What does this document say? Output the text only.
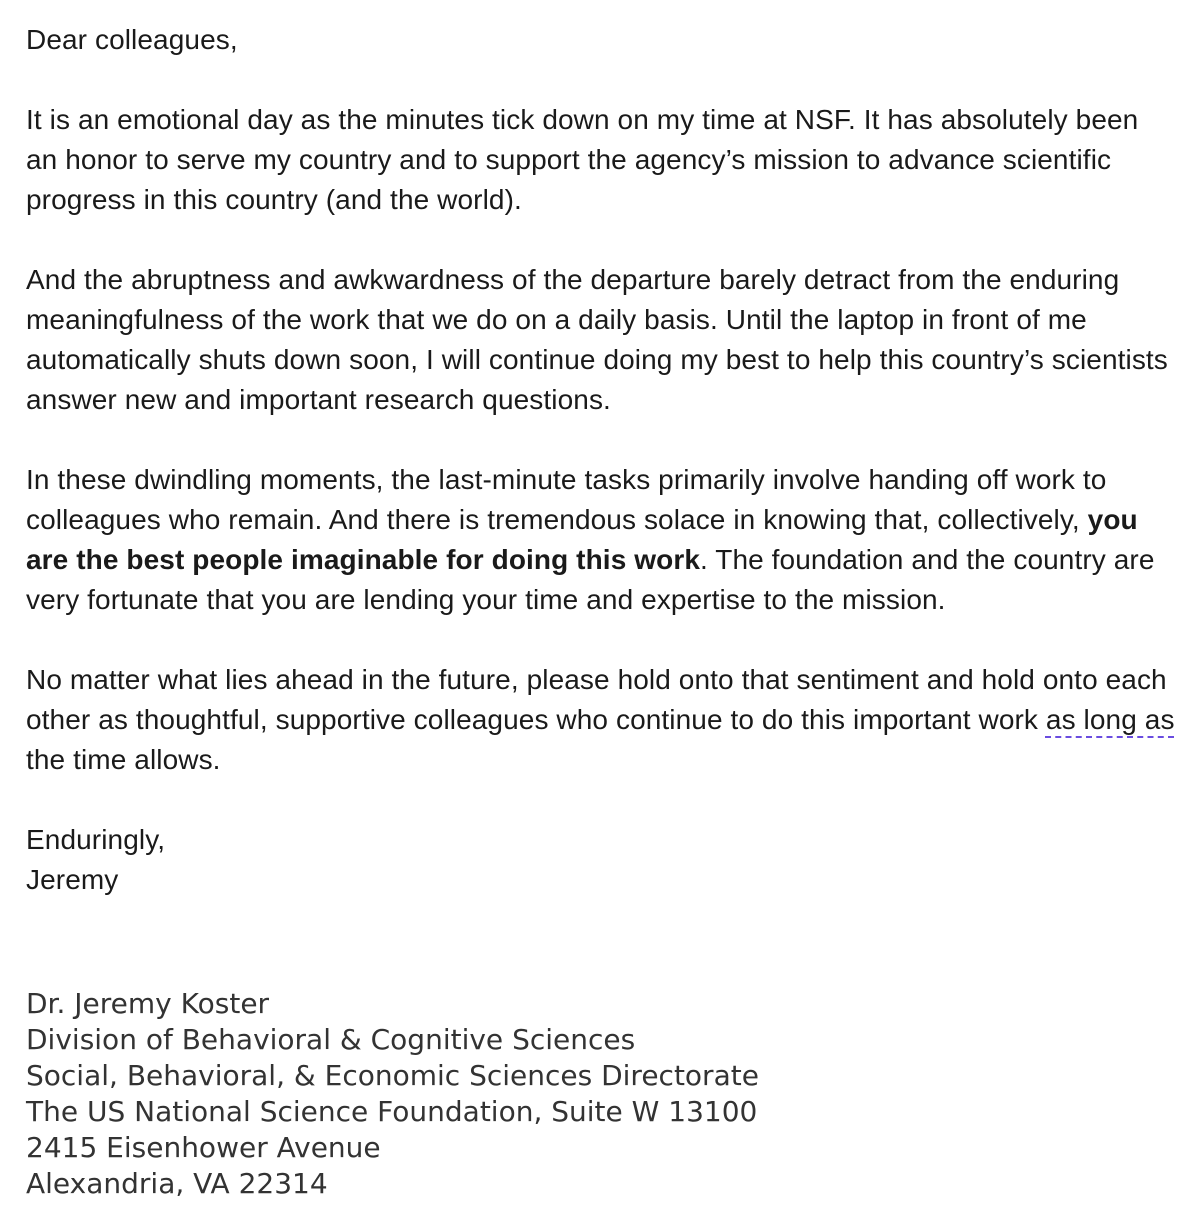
Dear colleagues,

It is an emotional day as the minutes tick down on my time at NSF. It has absolutely been an honor to serve my country and to support the agency’s mission to advance scientific progress in this country (and the world).

And the abruptness and awkwardness of the departure barely detract from the enduring meaningfulness of the work that we do on a daily basis. Until the laptop in front of me automatically shuts down soon, I will continue doing my best to help this country’s scientists answer new and important research questions.

In these dwindling moments, the last-minute tasks primarily involve handing off work to colleagues who remain. And there is tremendous solace in knowing that, collectively, you are the best people imaginable for doing this work. The foundation and the country are very fortunate that you are lending your time and expertise to the mission.

No matter what lies ahead in the future, please hold onto that sentiment and hold onto each other as thoughtful, supportive colleagues who continue to do this important work as long as the time allows.

Enduringly,
Jeremy

Dr. Jeremy Koster
Division of Behavioral & Cognitive Sciences
Social, Behavioral, & Economic Sciences Directorate
The US National Science Foundation, Suite W 13100
2415 Eisenhower Avenue
Alexandria, VA 22314
